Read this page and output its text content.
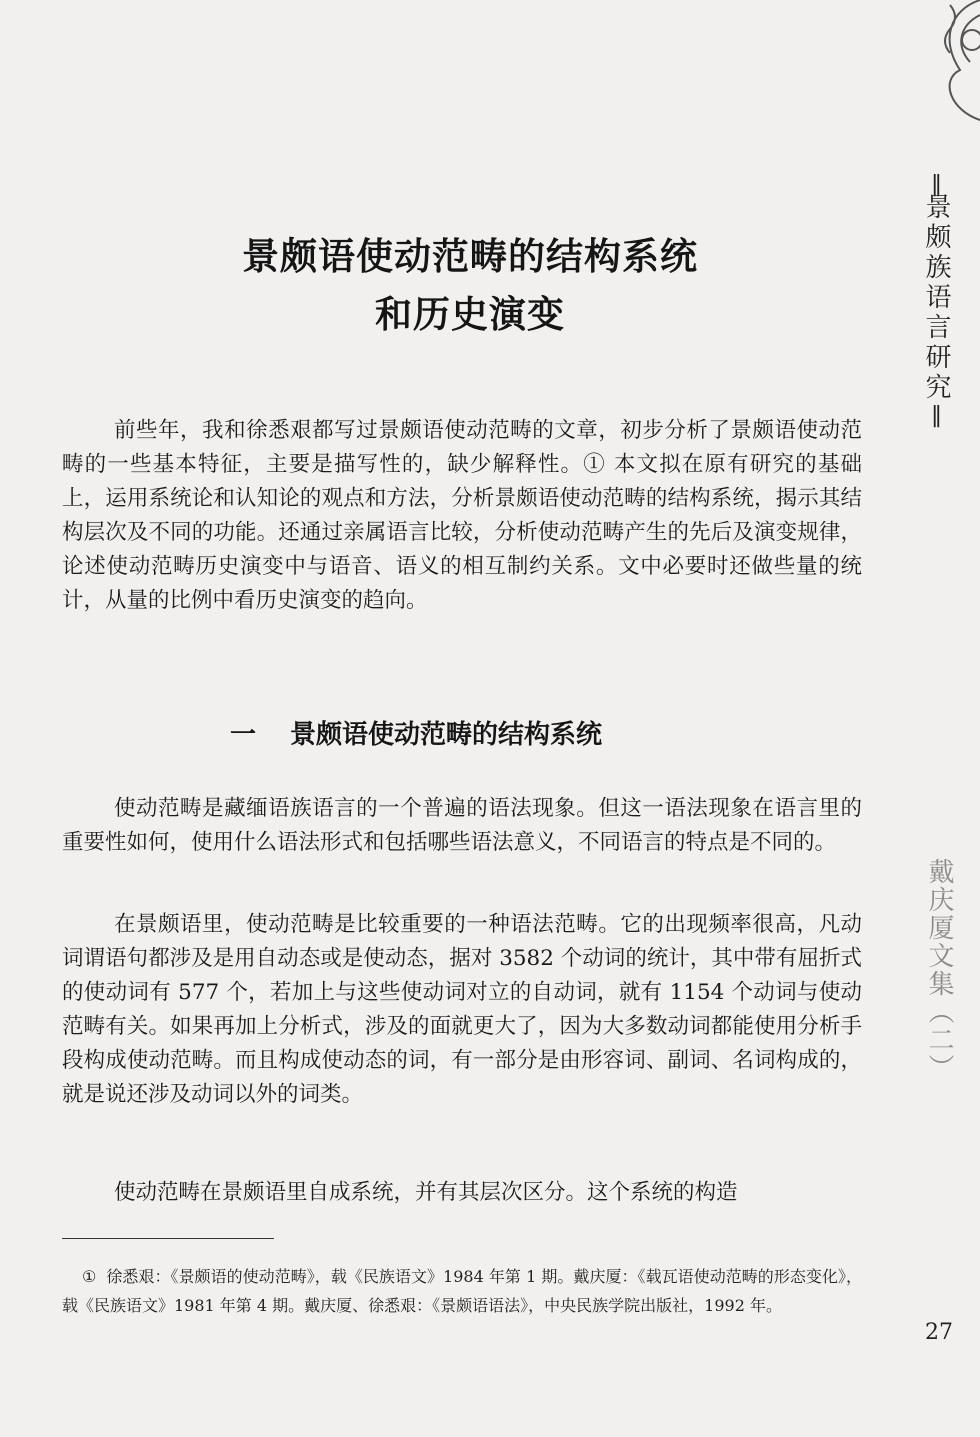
景颇语使动范畴的结构系统
和历史演变

前些年，我和徐悉艰都写过景颇语使动范畴的文章，初步分析了景颇语使动范畴的一些基本特征，主要是描写性的，缺少解释性。① 本文拟在原有研究的基础上，运用系统论和认知论的观点和方法，分析景颇语使动范畴的结构系统，揭示其结构层次及不同的功能。还通过亲属语言比较，分析使动范畴产生的先后及演变规律，论述使动范畴历史演变中与语音、语义的相互制约关系。文中必要时还做些量的统计，从量的比例中看历史演变的趋向。

一 景颇语使动范畴的结构系统

使动范畴是藏缅语族语言的一个普遍的语法现象。但这一语法现象在语言里的重要性如何，使用什么语法形式和包括哪些语法意义，不同语言的特点是不同的。

在景颇语里，使动范畴是比较重要的一种语法范畴。它的出现频率很高，凡动词谓语句都涉及是用自动态或是使动态，据对 3582 个动词的统计，其中带有屈折式的使动词有 577 个，若加上与这些使动词对立的自动词，就有 1154 个动词与使动范畴有关。如果再加上分析式，涉及的面就更大了，因为大多数动词都能使用分析手段构成使动范畴。而且构成使动态的词，有一部分是由形容词、副词、名词构成的，就是说还涉及动词以外的词类。

使动范畴在景颇语里自成系统，并有其层次区分。这个系统的构造

① 徐悉艰：《景颇语的使动范畴》，载《民族语文》1984 年第 1 期。戴庆厦：《载瓦语使动范畴的形态变化》，载《民族语文》1981 年第 4 期。戴庆厦、徐悉艰：《景颇语语法》，中央民族学院出版社，1992 年。

‖景颇族语言研究‖
戴庆厦文集（二）
27
